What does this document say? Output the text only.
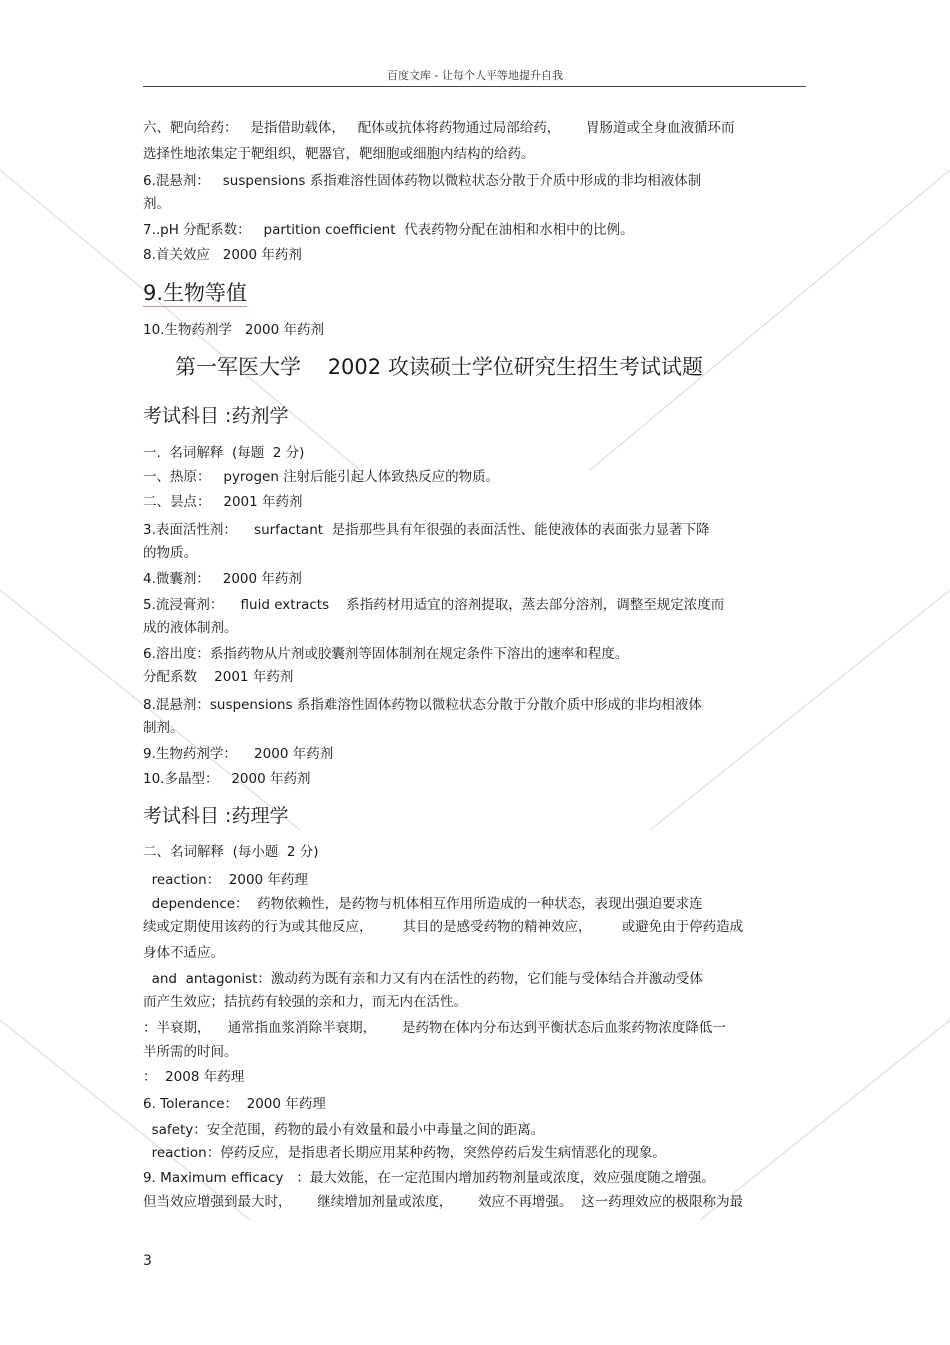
百度文库 - 让每个人平等地提升自我
六、靶向给药：   是指借助载体，   配体或抗体将药物通过局部给药，      胃肠道或全身血液循环而
选择性地浓集定于靶组织，靶器官，靶细胞或细胞内结构的给药。
6.混悬剂：   suspensions 系指难溶性固体药物以微粒状态分散于介质中形成的非均相液体制
剂。
7..pH 分配系数：   partition coefficient  代表药物分配在油相和水相中的比例。
8.首关效应   2000 年药剂
9.生物等值
10.生物药剂学   2000 年药剂
第一军医大学    2002 攻读硕士学位研究生招生考试试题
考试科目 :药剂学
一.  名词解释  (每题  2 分)
一、热原：   pyrogen 注射后能引起人体致热反应的物质。
二、昙点：   2001 年药剂
3.表面活性剂：    surfactant  是指那些具有年很强的表面活性、能使液体的表面张力显著下降
的物质。
4.微囊剂：   2000 年药剂
5.流浸膏剂：    fluid extracts    系指药材用适宜的溶剂提取，蒸去部分溶剂，调整至规定浓度而
成的液体制剂。
6.溶出度：系指药物从片剂或胶囊剂等固体制剂在规定条件下溶出的速率和程度。
分配系数    2001 年药剂
8.混悬剂：suspensions 系指难溶性固体药物以微粒状态分散于分散介质中形成的非均相液体
制剂。
9.生物药剂学：    2000 年药剂
10.多晶型：   2000 年药剂
考试科目 :药理学
二、名词解释  (每小题  2 分)
reaction：  2000 年药理
dependence：  药物依赖性，是药物与机体相互作用所造成的一种状态，表现出强迫要求连
续或定期使用该药的行为或其他反应，       其目的是感受药物的精神效应，       或避免由于停药造成
身体不适应。
and  antagonist：激动药为既有亲和力又有内在活性的药物，它们能与受体结合并激动受体
而产生效应；拮抗药有较强的亲和力，而无内在活性。
：半衰期，    通常指血浆消除半衰期，      是药物在体内分布达到平衡状态后血浆药物浓度降低一
半所需的时间。
：  2008 年药理
6. Tolerance：  2000 年药理
safety：安全范围，药物的最小有效量和最小中毒量之间的距离。
reaction：停药反应，是指患者长期应用某种药物，突然停药后发生病情恶化的现象。
9. Maximum efficacy   ：最大效能，在一定范围内增加药物剂量或浓度，效应强度随之增强。
但当效应增强到最大时，      继续增加剂量或浓度，      效应不再增强。  这一药理效应的极限称为最
3
